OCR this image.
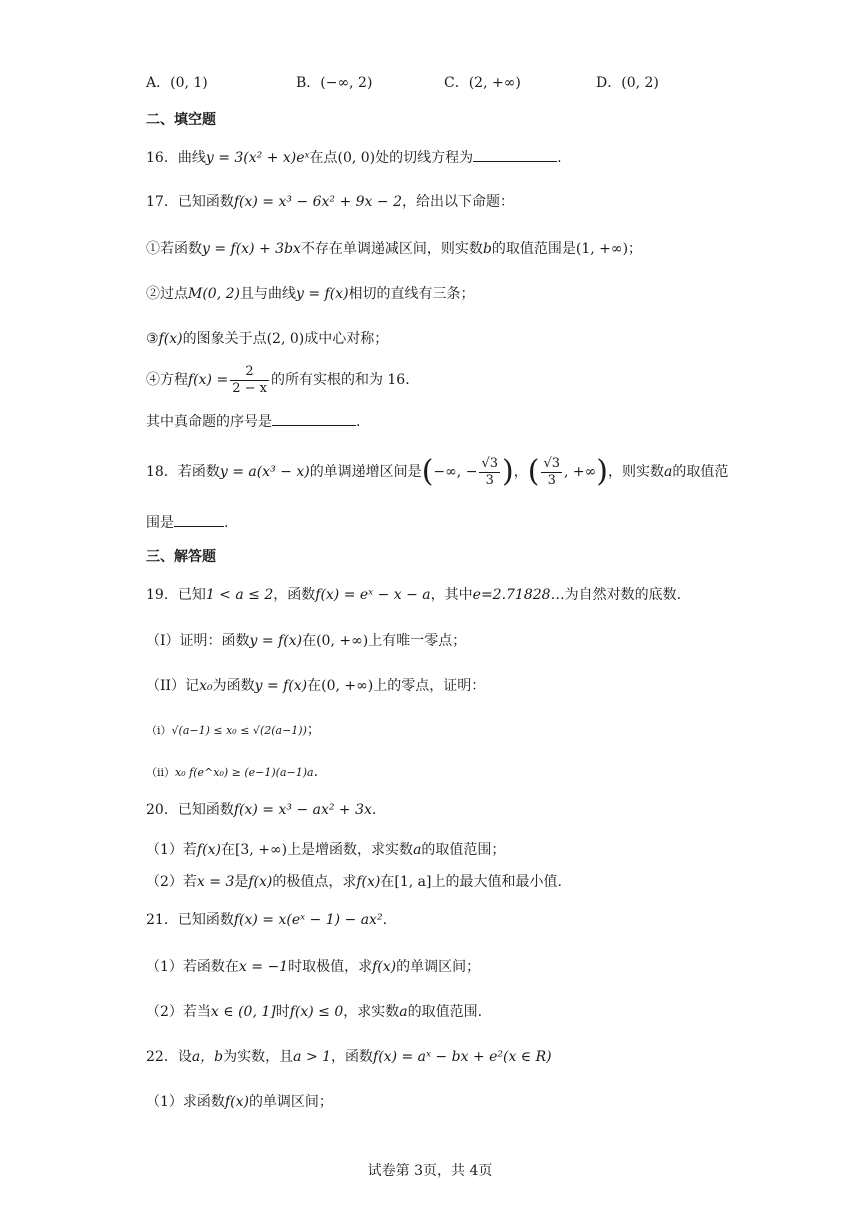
A．(0, 1)	B．(−∞, 2)	C．(2, +∞)	D．(0, 2)
二、填空题
16．曲线y = 3(x² + x)eˣ在点(0, 0)处的切线方程为	.
17．已知函数f(x) = x³ − 6x² + 9x − 2，给出以下命题：
①若函数y = f(x) + 3bx不存在单调递减区间，则实数b的取值范围是(1, +∞)；
②过点M(0, 2)且与曲线y = f(x)相切的直线有三条；
③f(x)的图象关于点(2, 0)成中心对称；
④方程$f(x) = \frac{2}{2 - x}$ 的所有实根的和为 16.
其中真命题的序号是	.
18．若函数y = a(x³ − x)的单调递增区间是(−∞, − $\frac{√3}{3}$ )，( $\frac{√3}{3}$ , +∞)，则实数a的取值范
围是	.
三、解答题
19．已知1 < a ≤ 2，函数f(x) = eˣ − x − a，其中e=2.71828…为自然对数的底数.
（I）证明：函数y = f(x)在(0, +∞)上有唯一零点；
（II）记x₀为函数y = f(x)在(0, +∞)上的零点，证明：
（i）√(a−1) ≤ x₀ ≤ √(2(a−1))；
（ii）x₀ f(e^x₀) ≥ (e−1)(a−1)a.
20．已知函数f(x) = x³ − ax² + 3x.
（1）若f(x)在[3, +∞)上是增函数，求实数a的取值范围；
（2）若x = 3是f(x)的极值点，求f(x)在[1, a]上的最大值和最小值.
21．已知函数f(x) = x(eˣ − 1) − ax².
（1）若函数在x = −1时取极值，求f(x)的单调区间；
（2）若当x ∈ (0, 1]时f(x) ≤ 0，求实数a的取值范围.
22．设a，b为实数，且a > 1，函数f(x) = aˣ − bx + e²(x ∈ R)
（1）求函数f(x)的单调区间；
试卷第 3页，共 4页
